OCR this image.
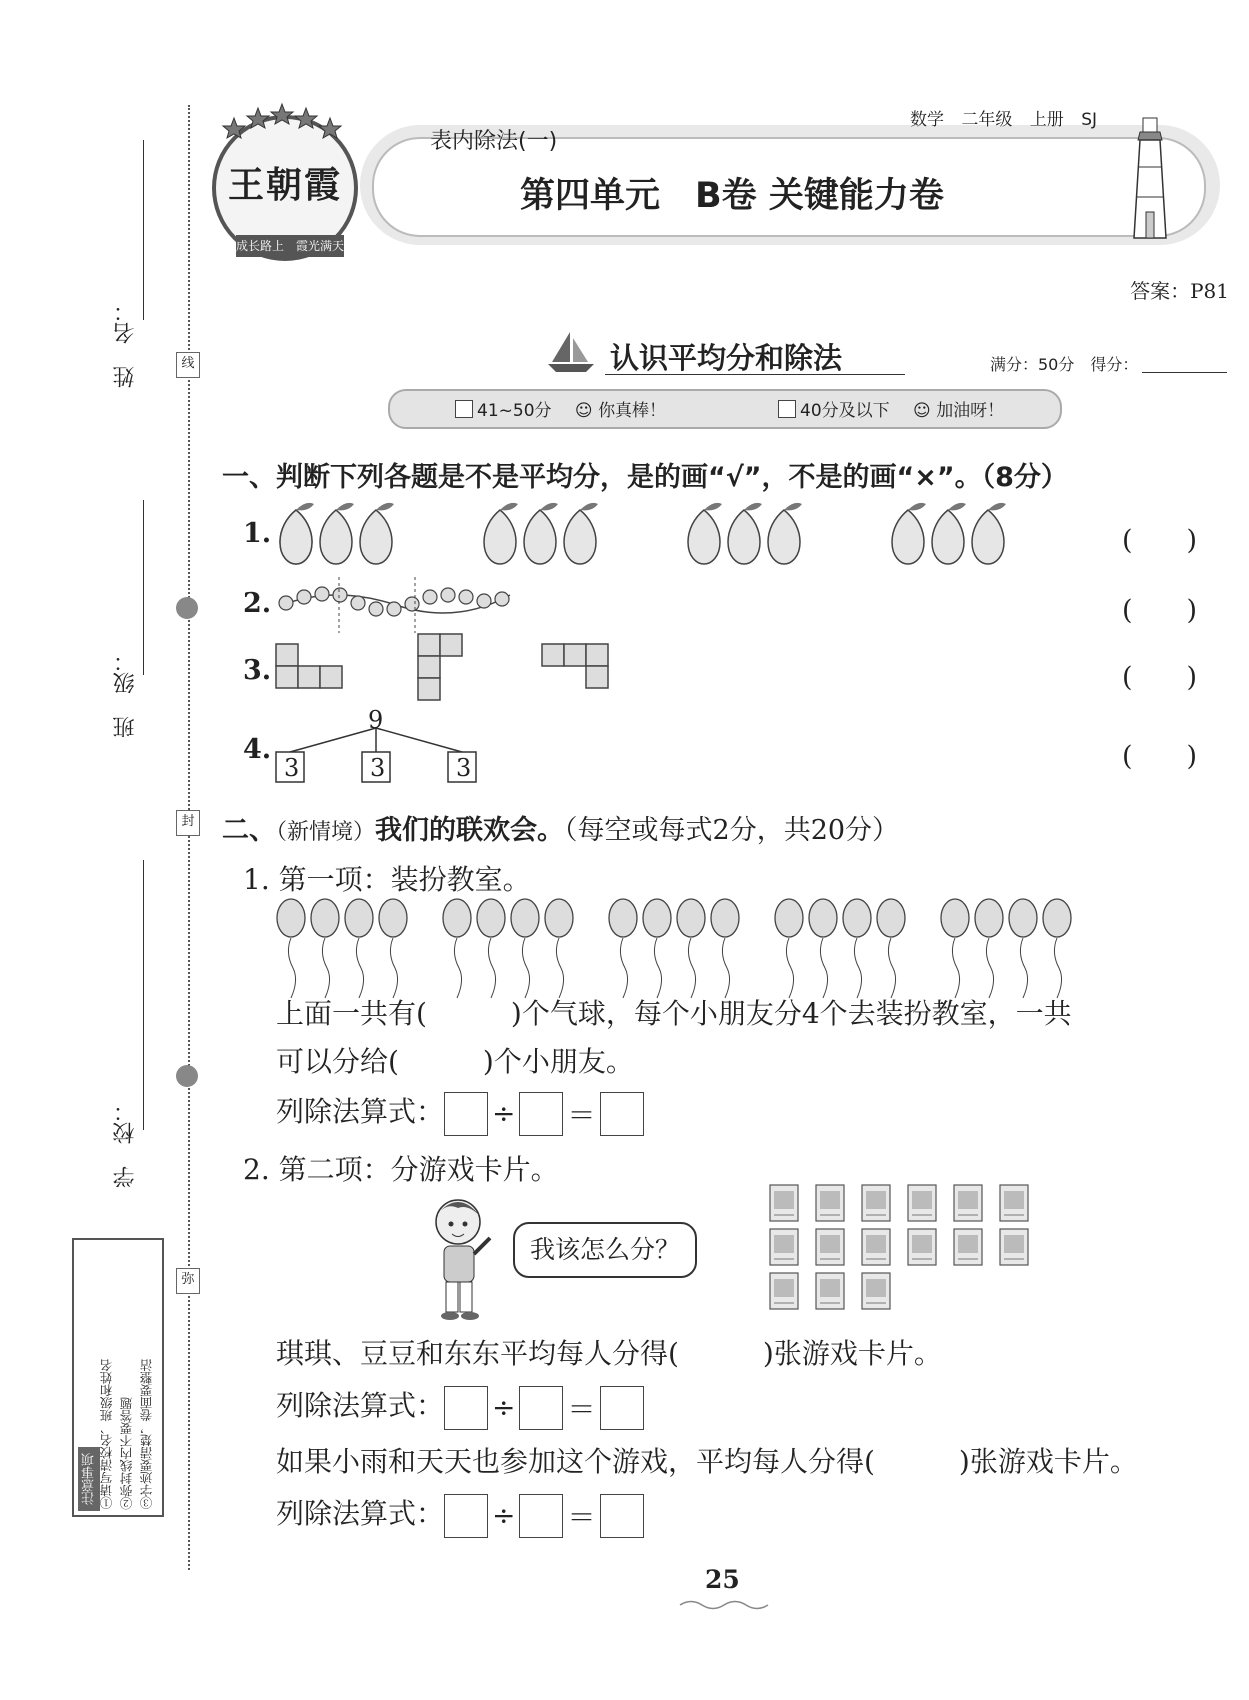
线
封
弥
姓　名：
班　级：
学　校：
注意事项 ①请写清校名、班级和姓名 ②弥封线内不要答题 ③字迹要清楚，卷面要整洁
王朝霞
成长路上　霞光满天
数学 二年级 上册 SJ
表内除法(一)
第四单元　B卷 关键能力卷
答案：P81
认识平均分和除法	满分：50分　得分：
41~50分 ☺ 你真棒！	40分及以下 ☺ 加油呀！
一、判断下列各题是不是平均分，是的画“√”，不是的画“×”。（8分）
1.	(　　)
2.	(　　)
3.	(　　)
4.	(　　)
9
3	3	3
二、（新情境）我们的联欢会。（每空或每式2分，共20分）
1. 第一项：装扮教室。
上面一共有(　　　)个气球，每个小朋友分4个去装扮教室，一共
可以分给(　　　)个小朋友。
列除法算式： ÷ ＝
2. 第二项：分游戏卡片。
我该怎么分？
琪琪、豆豆和东东平均每人分得(　　　)张游戏卡片。
列除法算式： ÷ ＝
如果小雨和天天也参加这个游戏，平均每人分得(　　　)张游戏卡片。
列除法算式： ÷ ＝
25
